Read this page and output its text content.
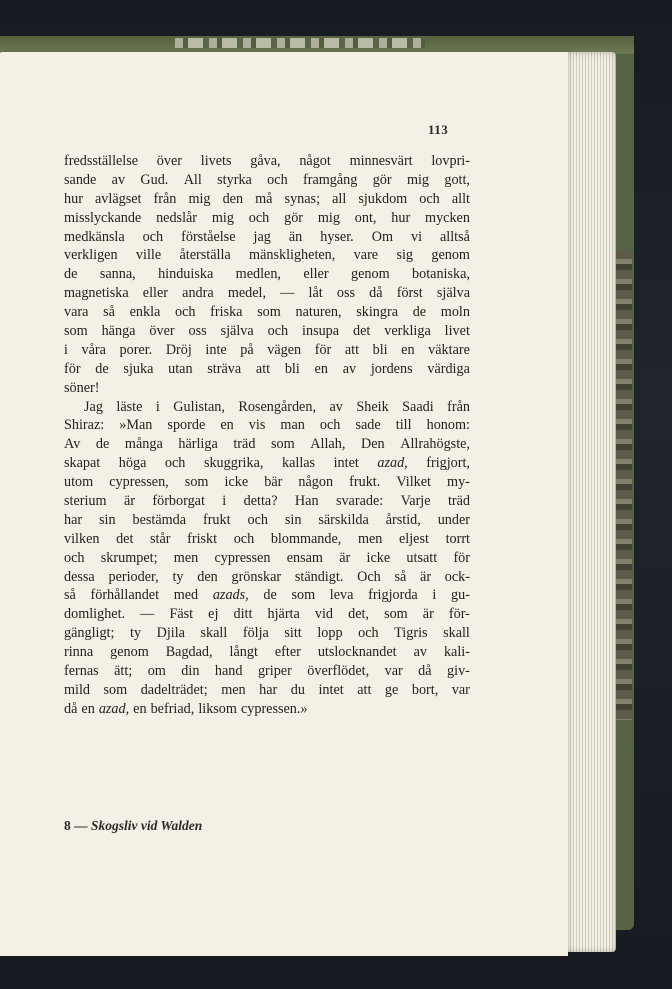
113
fredsställelse över livets gåva, något minnesvärt lovpri-
sande av Gud. All styrka och framgång gör mig gott,
hur avlägset från mig den må synas; all sjukdom och allt
misslyckande nedslår mig och gör mig ont, hur mycken
medkänsla och förståelse jag än hyser. Om vi alltså
verkligen ville återställa mänskligheten, vare sig genom
de sanna, hinduiska medlen, eller genom botaniska,
magnetiska eller andra medel, — låt oss då först själva
vara så enkla och friska som naturen, skingra de moln
som hänga över oss själva och insupa det verkliga livet
i våra porer. Dröj inte på vägen för att bli en väktare
för de sjuka utan sträva att bli en av jordens värdiga
söner!
Jag läste i Gulistan, Rosengården, av Sheik Saadi från
Shiraz: »Man sporde en vis man och sade till honom:
Av de många härliga träd som Allah, Den Allrahögste,
skapat höga och skuggrika, kallas intet azad, frigjort,
utom cypressen, som icke bär någon frukt. Vilket my-
sterium är förborgat i detta? Han svarade: Varje träd
har sin bestämda frukt och sin särskilda årstid, under
vilken det står friskt och blommande, men eljest torrt
och skrumpet; men cypressen ensam är icke utsatt för
dessa perioder, ty den grönskar ständigt. Och så är ock-
så förhållandet med azads, de som leva frigjorda i gu-
domlighet. — Fäst ej ditt hjärta vid det, som är för-
gängligt; ty Djila skall följa sitt lopp och Tigris skall
rinna genom Bagdad, långt efter utslocknandet av kali-
fernas ätt; om din hand griper överflödet, var då giv-
mild som dadelträdet; men har du intet att ge bort, var
då en azad, en befriad, liksom cypressen.»
8 — Skogsliv vid Walden
